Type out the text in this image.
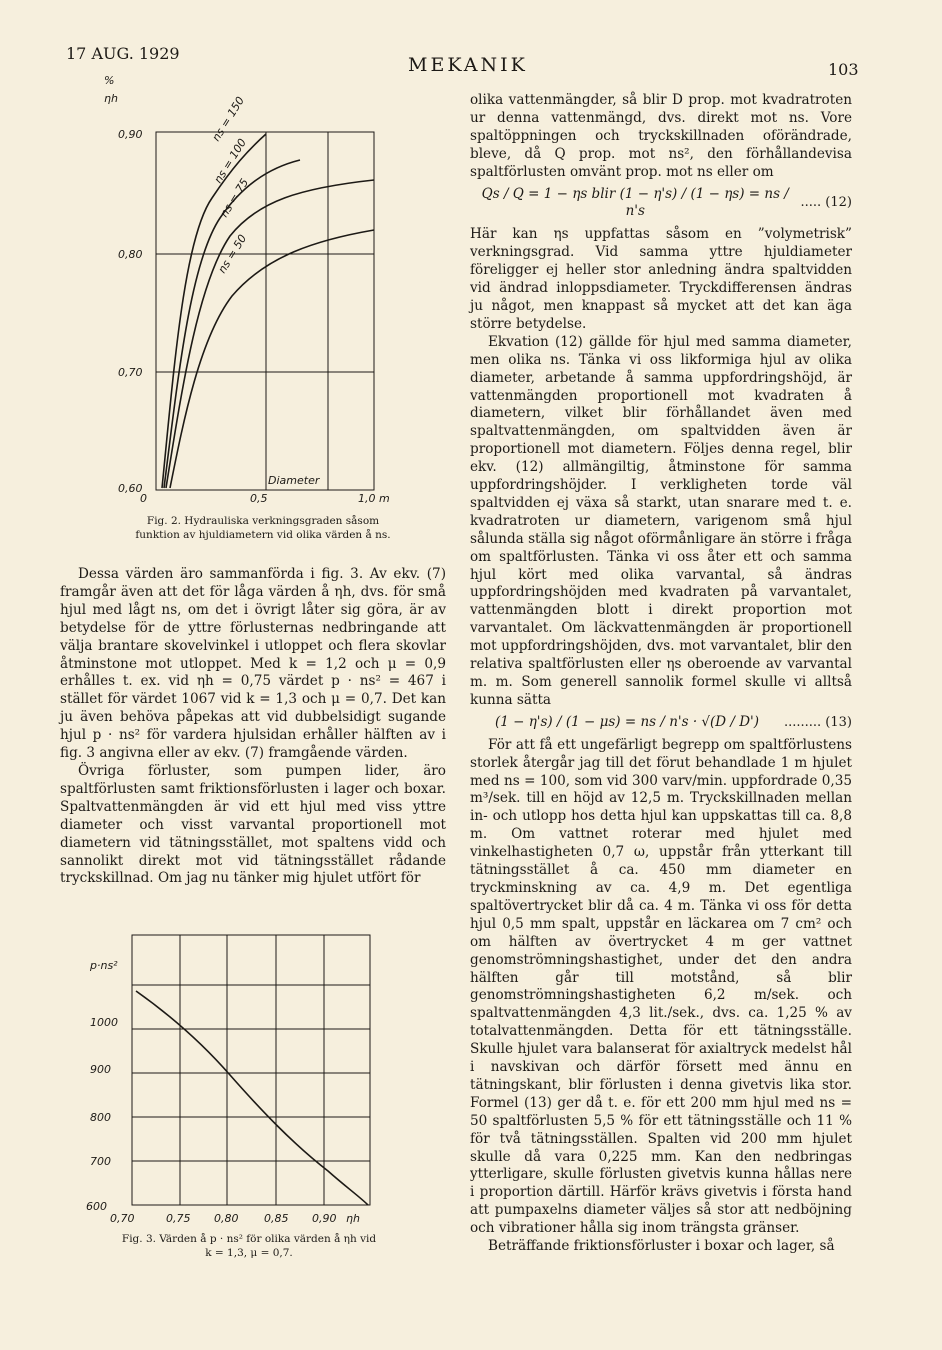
17 AUG. 1929
MEKANIK	103
%
ηh
0,90
0,80
0,70
0,60
0	0,5	1,0 m
Diameter
ns = 150
ns = 100
ns = 75
ns = 50
Fig. 2. Hydrauliska verkningsgraden såsom
funktion av hjuldiametern vid olika värden å ns.

Dessa värden äro sammanförda i fig. 3. Av ekv. (7) framgår även att det för låga värden å ηh, dvs. för små hjul med lågt ns, om det i övrigt låter sig göra, är av betydelse för de yttre förlusternas nedbringande att välja brantare skovelvinkel i utloppet och flera skovlar åtminstone mot utloppet. Med k = 1,2 och μ = 0,9 erhålles t. ex. vid ηh = 0,75 värdet p · ns² = 467 i stället för värdet 1067 vid k = 1,3 och μ = 0,7. Det kan ju även behöva påpekas att vid dubbelsidigt sugande hjul p · ns² för vardera hjulsidan erhåller hälften av i fig. 3 angivna eller av ekv. (7) framgående värden.

Övriga förluster, som pumpen lider, äro spaltförlusten samt friktionsförlusten i lager och boxar. Spaltvattenmängden är vid ett hjul med viss yttre diameter och visst varvantal proportionell mot diametern vid tätningsstället, mot spaltens vidd och sannolikt direkt mot vid tätningsstället rådande tryckskillnad. Om jag nu tänker mig hjulet utfört för

p·ns²
1000
900
800
700
600
0,70	0,75 0,80 0,85 0,90 ηh
Fig. 3. Värden å p · ns² för olika värden å ηh vid
k = 1,3, μ = 0,7.

olika vattenmängder, så blir D prop. mot kvadratroten ur denna vattenmängd, dvs. direkt mot ns. Vore spaltöppningen och tryckskillnaden oförändrade, bleve, då Q prop. mot ns², den förhållandevisa spaltförlusten omvänt prop. mot ns eller om

Qs / Q = 1 − ηs blir (1 − η's) / (1 − ηs) = ns / n's
..... (12)

Här kan ηs uppfattas såsom en ”volymetrisk” verkningsgrad. Vid samma yttre hjuldiameter föreligger ej heller stor anledning ändra spaltvidden vid ändrad inloppsdiameter. Tryckdifferensen ändras ju något, men knappast så mycket att det kan äga större betydelse.

Ekvation (12) gällde för hjul med samma diameter, men olika ns. Tänka vi oss likformiga hjul av olika diameter, arbetande å samma uppfordringshöjd, är vattenmängden proportionell mot kvadraten å diametern, vilket blir förhållandet även med spaltvattenmängden, om spaltvidden även är proportionell mot diametern. Följes denna regel, blir ekv. (12) allmängiltig, åtminstone för samma uppfordringshöjder. I verkligheten torde väl spaltvidden ej växa så starkt, utan snarare med t. e. kvadratroten ur diametern, varigenom små hjul sålunda ställa sig något oförmånligare än större i fråga om spaltförlusten. Tänka vi oss åter ett och samma hjul kört med olika varvantal, så ändras uppfordringshöjden med kvadraten på varvantalet, vattenmängden blott i direkt proportion mot varvantalet. Om läckvattenmängden är proportionell mot uppfordringshöjden, dvs. mot varvantalet, blir den relativa spaltförlusten eller ηs oberoende av varvantal m. m. Som generell sannolik formel skulle vi alltså kunna sätta

(1 − η's) / (1 − μs) = ns / n's · √(D / D')	......... (13)

För att få ett ungefärligt begrepp om spaltförlustens storlek återgår jag till det förut behandlade 1 m hjulet med ns = 100, som vid 300 varv/min. uppfordrade 0,35 m³/sek. till en höjd av 12,5 m. Tryckskillnaden mellan in- och utlopp hos detta hjul kan uppskattas till ca. 8,8 m. Om vattnet roterar med hjulet med vinkelhastigheten 0,7 ω, uppstår från ytterkant till tätningsstället å ca. 450 mm diameter en tryckminskning av ca. 4,9 m. Det egentliga spaltövertrycket blir då ca. 4 m. Tänka vi oss för detta hjul 0,5 mm spalt, uppstår en läckarea om 7 cm² och om hälften av övertrycket 4 m ger vattnet genomströmningshastighet, under det den andra hälften går till motstånd, så blir genomströmningshastigheten 6,2 m/sek. och spaltvattenmängden 4,3 lit./sek., dvs. ca. 1,25 % av totalvattenmängden. Detta för ett tätningsställe. Skulle hjulet vara balanserat för axialtryck medelst hål i navskivan och därför försett med ännu en tätningskant, blir förlusten i denna givetvis lika stor. Formel (13) ger då t. e. för ett 200 mm hjul med ns = 50 spaltförlusten 5,5 % för ett tätningsställe och 11 % för två tätningsställen. Spalten vid 200 mm hjulet skulle då vara 0,225 mm. Kan den nedbringas ytterligare, skulle förlusten givetvis kunna hållas nere i proportion därtill. Härför krävs givetvis i första hand att pumpaxelns diameter väljes så stor att nedböjning och vibrationer hålla sig inom trängsta gränser.

Beträffande friktionsförluster i boxar och lager, så
